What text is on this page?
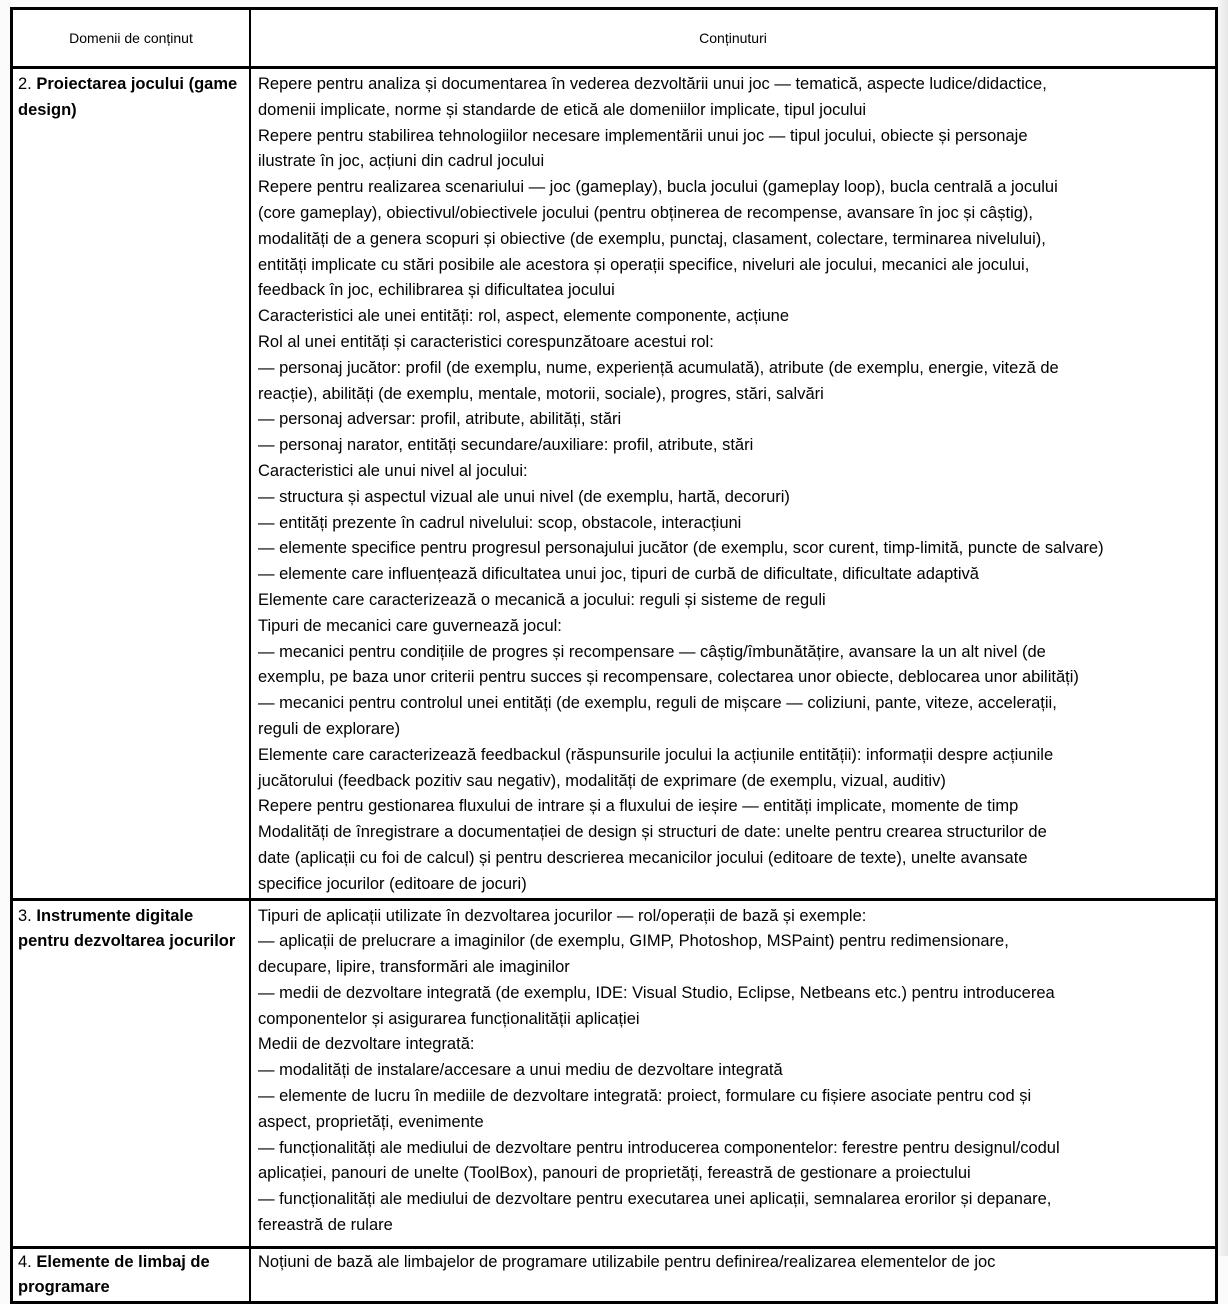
Domenii de conținut	Conținuturi
2. Proiectarea jocului (game design)
Repere pentru analiza și documentarea în vederea dezvoltării unui joc — tematică, aspecte ludice/didactice,
domenii implicate, norme și standarde de etică ale domeniilor implicate, tipul jocului
Repere pentru stabilirea tehnologiilor necesare implementării unui joc — tipul jocului, obiecte și personaje
ilustrate în joc, acțiuni din cadrul jocului
Repere pentru realizarea scenariului — joc (gameplay), bucla jocului (gameplay loop), bucla centrală a jocului
(core gameplay), obiectivul/obiectivele jocului (pentru obținerea de recompense, avansare în joc și câștig),
modalități de a genera scopuri și obiective (de exemplu, punctaj, clasament, colectare, terminarea nivelului),
entități implicate cu stări posibile ale acestora și operații specifice, niveluri ale jocului, mecanici ale jocului,
feedback în joc, echilibrarea și dificultatea jocului
Caracteristici ale unei entități: rol, aspect, elemente componente, acțiune
Rol al unei entități și caracteristici corespunzătoare acestui rol:
— personaj jucător: profil (de exemplu, nume, experiență acumulată), atribute (de exemplu, energie, viteză de
reacție), abilități (de exemplu, mentale, motorii, sociale), progres, stări, salvări
— personaj adversar: profil, atribute, abilități, stări
— personaj narator, entități secundare/auxiliare: profil, atribute, stări
Caracteristici ale unui nivel al jocului:
— structura și aspectul vizual ale unui nivel (de exemplu, hartă, decoruri)
— entități prezente în cadrul nivelului: scop, obstacole, interacțiuni
— elemente specifice pentru progresul personajului jucător (de exemplu, scor curent, timp-limită, puncte de salvare)
— elemente care influențează dificultatea unui joc, tipuri de curbă de dificultate, dificultate adaptivă
Elemente care caracterizează o mecanică a jocului: reguli și sisteme de reguli
Tipuri de mecanici care guvernează jocul:
— mecanici pentru condițiile de progres și recompensare — câștig/îmbunătățire, avansare la un alt nivel (de
exemplu, pe baza unor criterii pentru succes și recompensare, colectarea unor obiecte, deblocarea unor abilități)
— mecanici pentru controlul unei entități (de exemplu, reguli de mișcare — coliziuni, pante, viteze, accelerații,
reguli de explorare)
Elemente care caracterizează feedbackul (răspunsurile jocului la acțiunile entității): informații despre acțiunile
jucătorului (feedback pozitiv sau negativ), modalități de exprimare (de exemplu, vizual, auditiv)
Repere pentru gestionarea fluxului de intrare și a fluxului de ieșire — entități implicate, momente de timp
Modalități de înregistrare a documentației de design și structuri de date: unelte pentru crearea structurilor de
date (aplicații cu foi de calcul) și pentru descrierea mecanicilor jocului (editoare de texte), unelte avansate
specifice jocurilor (editoare de jocuri)
3. Instrumente digitale pentru dezvoltarea jocurilor
Tipuri de aplicații utilizate în dezvoltarea jocurilor — rol/operații de bază și exemple:
— aplicații de prelucrare a imaginilor (de exemplu, GIMP, Photoshop, MSPaint) pentru redimensionare,
decupare, lipire, transformări ale imaginilor
— medii de dezvoltare integrată (de exemplu, IDE: Visual Studio, Eclipse, Netbeans etc.) pentru introducerea
componentelor și asigurarea funcționalității aplicației
Medii de dezvoltare integrată:
— modalități de instalare/accesare a unui mediu de dezvoltare integrată
— elemente de lucru în mediile de dezvoltare integrată: proiect, formulare cu fișiere asociate pentru cod și
aspect, proprietăți, evenimente
— funcționalități ale mediului de dezvoltare pentru introducerea componentelor: ferestre pentru designul/codul
aplicației, panouri de unelte (ToolBox), panouri de proprietăți, fereastră de gestionare a proiectului
— funcționalități ale mediului de dezvoltare pentru executarea unei aplicații, semnalarea erorilor și depanare,
fereastră de rulare
4. Elemente de limbaj de programare
Noțiuni de bază ale limbajelor de programare utilizabile pentru definirea/realizarea elementelor de joc
